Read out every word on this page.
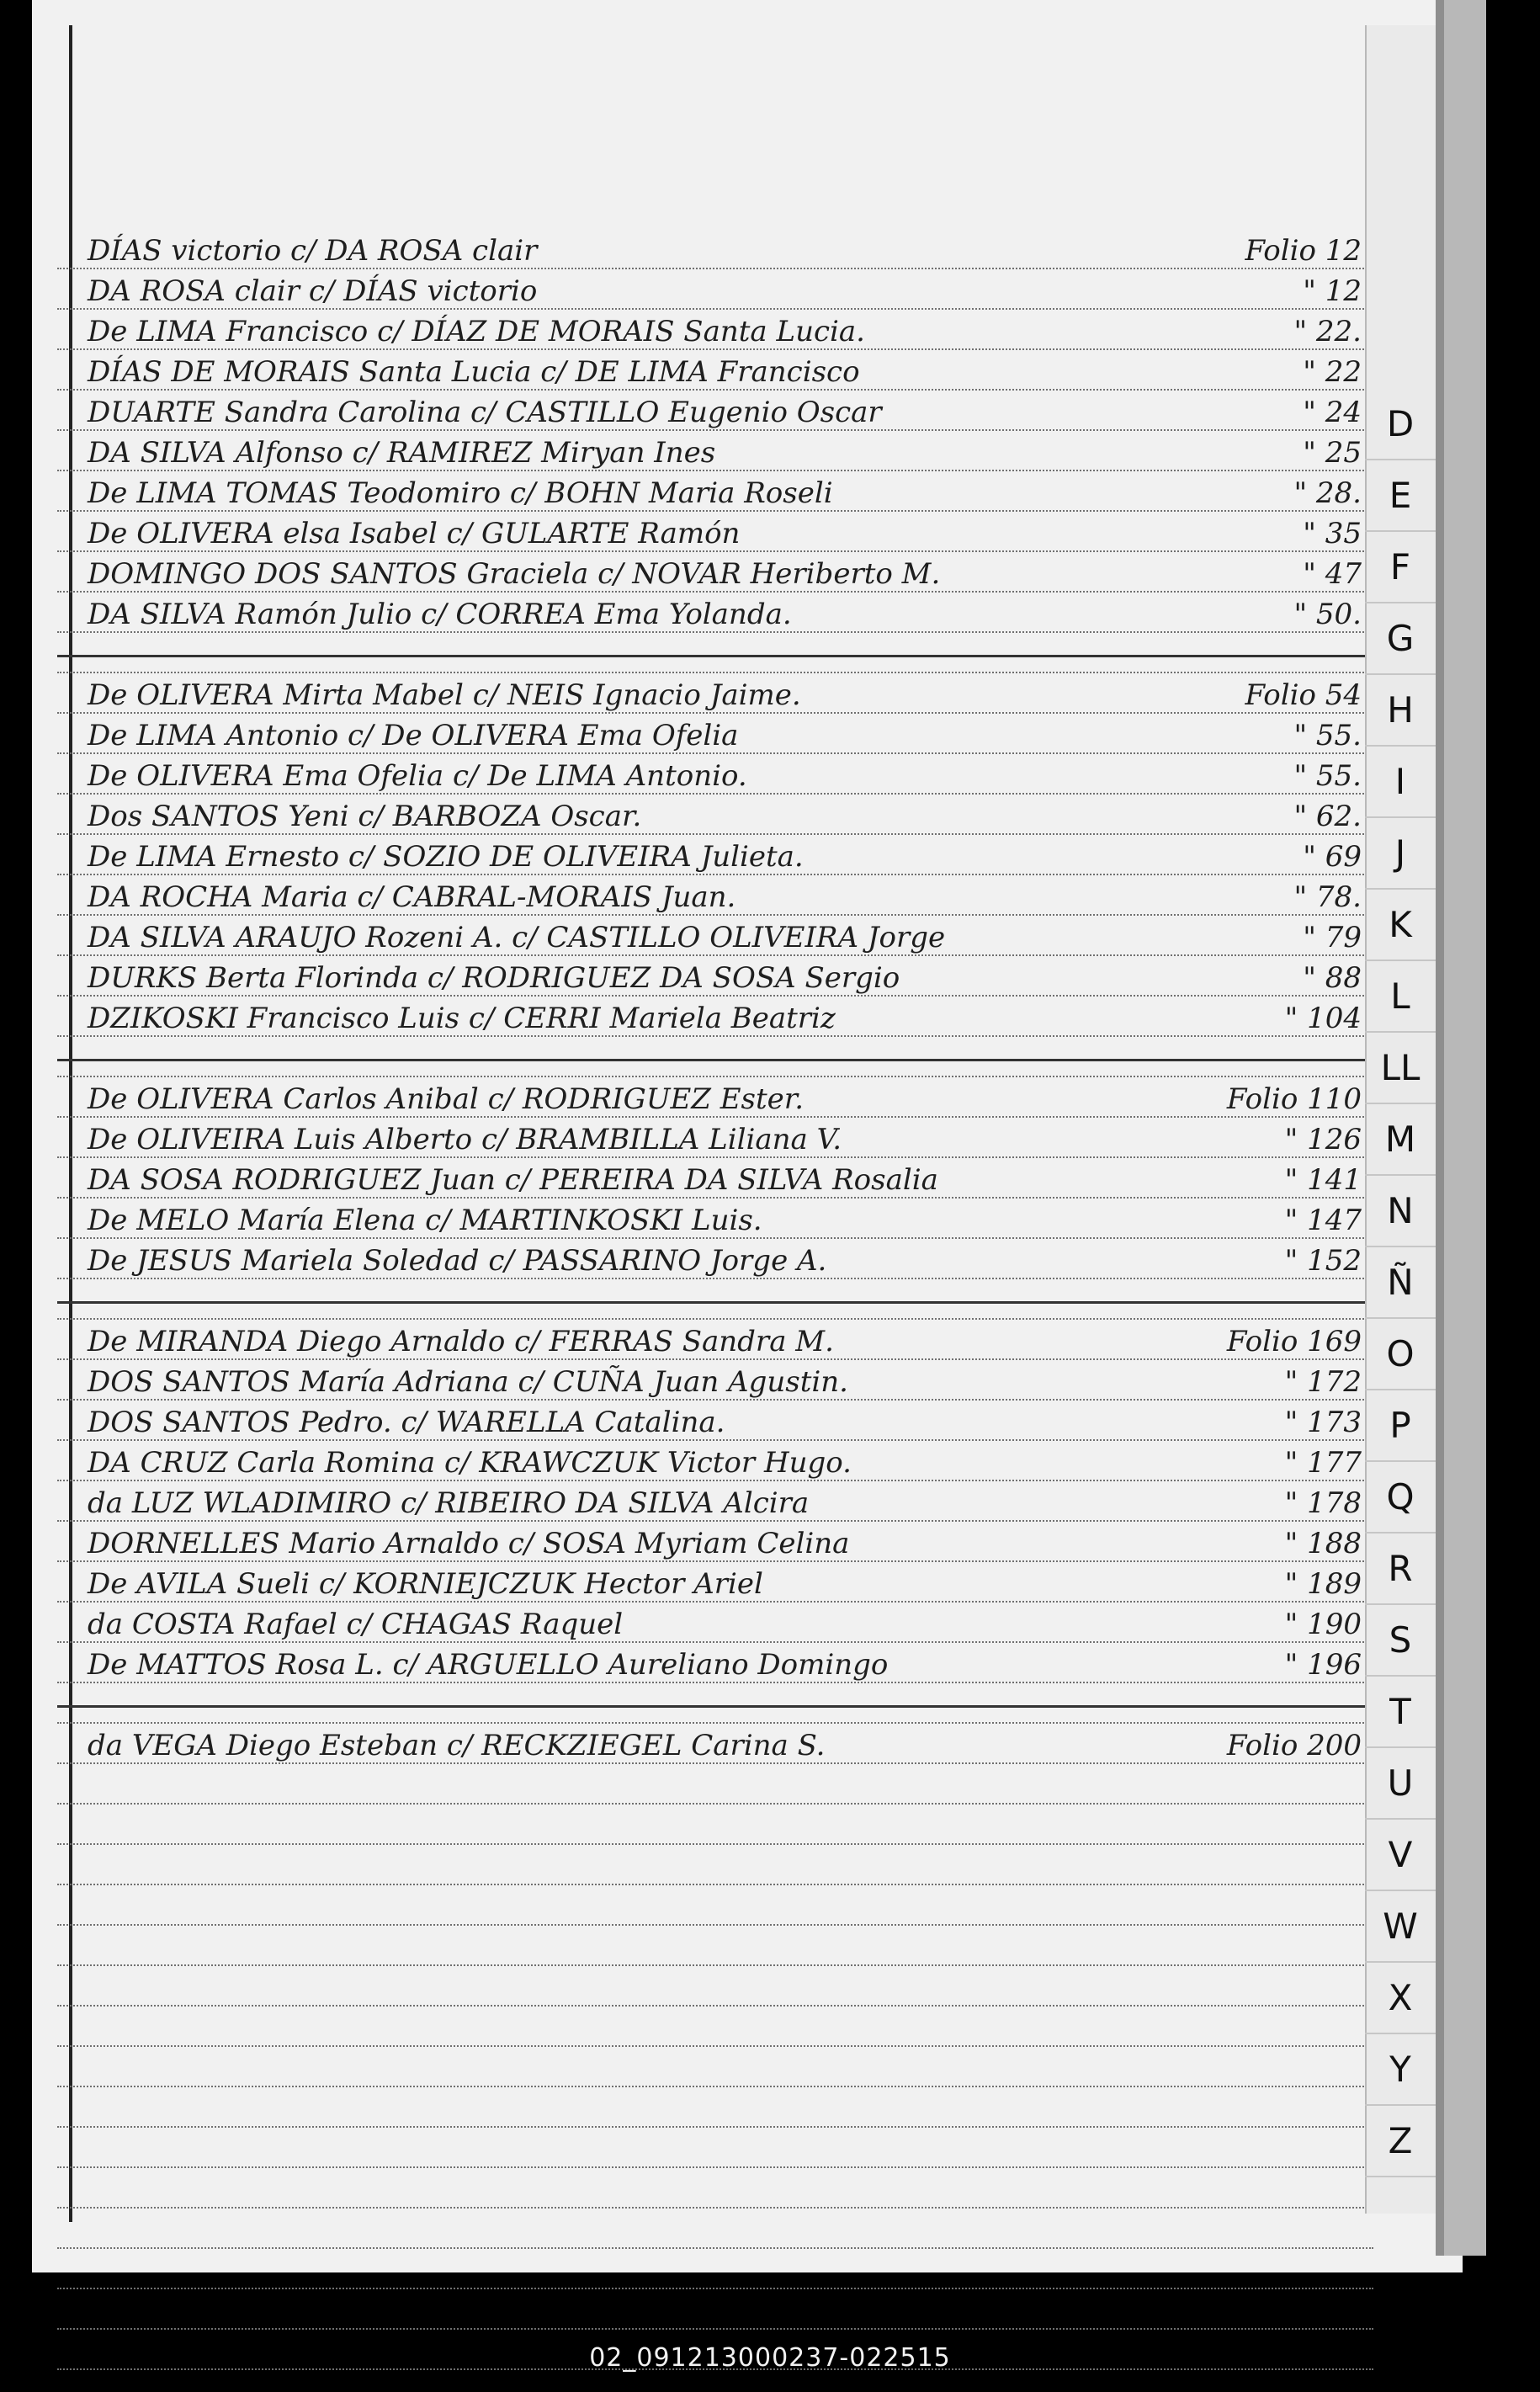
DÍAS victorio c/ DA ROSA clair	Folio 12
DA ROSA clair c/ DÍAS victorio	" 12
De LIMA Francisco c/ DÍAZ DE MORAIS Santa Lucia.	" 22.
DÍAS DE MORAIS Santa Lucia c/ DE LIMA Francisco	" 22
DUARTE Sandra Carolina c/ CASTILLO Eugenio Oscar	" 24
DA SILVA Alfonso c/ RAMIREZ Miryan Ines	" 25
De LIMA TOMAS Teodomiro c/ BOHN Maria Roseli	" 28.
De OLIVERA elsa Isabel c/ GULARTE Ramón	" 35
DOMINGO DOS SANTOS Graciela c/ NOVAR Heriberto M.	" 47
DA SILVA Ramón Julio c/ CORREA Ema Yolanda.	" 50.
De OLIVERA Mirta Mabel c/ NEIS Ignacio Jaime.	Folio 54
De LIMA Antonio c/ De OLIVERA Ema Ofelia	" 55.
De OLIVERA Ema Ofelia c/ De LIMA Antonio.	" 55.
Dos SANTOS Yeni c/ BARBOZA Oscar.	" 62.
De LIMA Ernesto c/ SOZIO DE OLIVEIRA Julieta.	" 69
DA ROCHA Maria c/ CABRAL-MORAIS Juan.	" 78.
DA SILVA ARAUJO Rozeni A. c/ CASTILLO OLIVEIRA Jorge	" 79
DURKS Berta Florinda c/ RODRIGUEZ DA SOSA Sergio	" 88
DZIKOSKI Francisco Luis c/ CERRI Mariela Beatriz	" 104
De OLIVERA Carlos Anibal c/ RODRIGUEZ Ester.	Folio 110
De OLIVEIRA Luis Alberto c/ BRAMBILLA Liliana V.	" 126
DA SOSA RODRIGUEZ Juan c/ PEREIRA DA SILVA Rosalia	" 141
De MELO María Elena c/ MARTINKOSKI Luis.	" 147
De JESUS Mariela Soledad c/ PASSARINO Jorge A.	" 152
De MIRANDA Diego Arnaldo c/ FERRAS Sandra M.	Folio 169
DOS SANTOS María Adriana c/ CUÑA Juan Agustin.	" 172
DOS SANTOS Pedro. c/ WARELLA Catalina.	" 173
DA CRUZ Carla Romina c/ KRAWCZUK Victor Hugo.	" 177
da LUZ WLADIMIRO c/ RIBEIRO DA SILVA Alcira	" 178
DORNELLES Mario Arnaldo c/ SOSA Myriam Celina	" 188
De AVILA Sueli c/ KORNIEJCZUK Hector Ariel	" 189
da COSTA Rafael c/ CHAGAS Raquel	" 190
De MATTOS Rosa L. c/ ARGUELLO Aureliano Domingo	" 196
da VEGA Diego Esteban c/ RECKZIEGEL Carina S.	Folio 200
D
E
F
G
H
I
J
K
L
LL
M
N
Ñ
O
P
Q
R
S
T
U
V
W
X
Y
Z
02_091213000237-022515
